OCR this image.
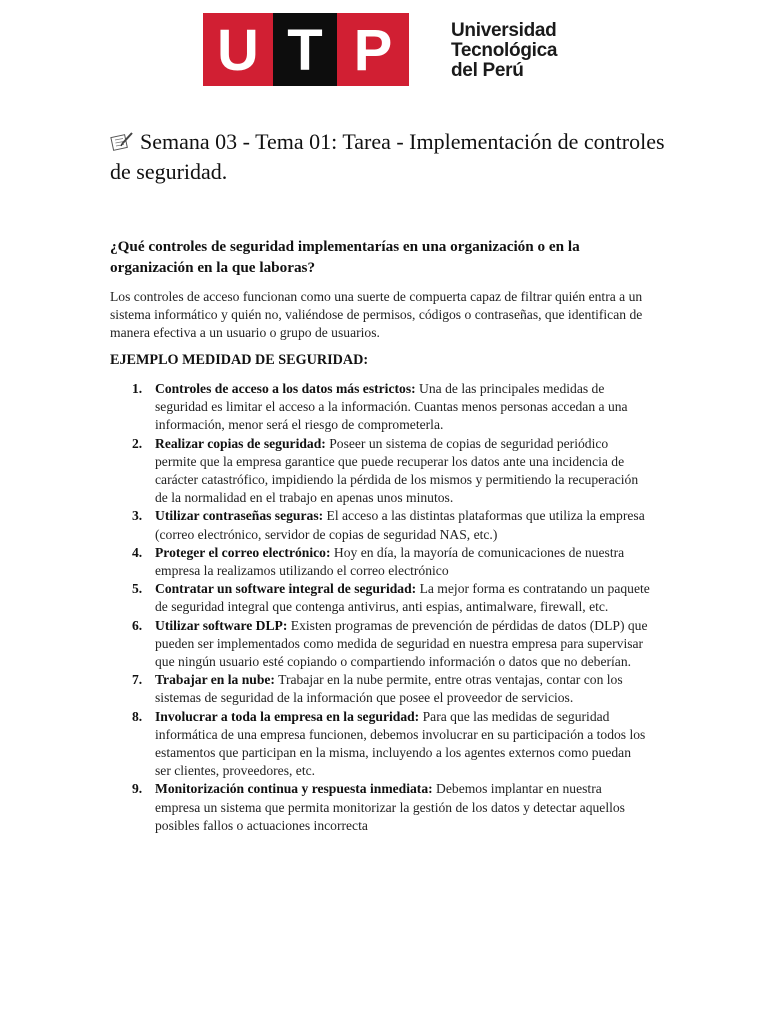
U T P	Universidad
Tecnológica
del Perú
Semana 03 - Tema 01: Tarea - Implementación de controles de seguridad.
¿Qué controles de seguridad implementarías en una organización o en la organización en la que laboras?
Los controles de acceso funcionan como una suerte de compuerta capaz de filtrar quién entra a un sistema informático y quién no, valiéndose de permisos, códigos o contraseñas, que identifican de manera efectiva a un usuario o grupo de usuarios.
EJEMPLO MEDIDAD DE SEGURIDAD:
1. Controles de acceso a los datos más estrictos: Una de las principales medidas de seguridad es limitar el acceso a la información. Cuantas menos personas accedan a una información, menor será el riesgo de comprometerla.
2. Realizar copias de seguridad: Poseer un sistema de copias de seguridad periódico permite que la empresa garantice que puede recuperar los datos ante una incidencia de carácter catastrófico, impidiendo la pérdida de los mismos y permitiendo la recuperación de la normalidad en el trabajo en apenas unos minutos.
3. Utilizar contraseñas seguras: El acceso a las distintas plataformas que utiliza la empresa (correo electrónico, servidor de copias de seguridad NAS, etc.)
4. Proteger el correo electrónico: Hoy en día, la mayoría de comunicaciones de nuestra empresa la realizamos utilizando el correo electrónico
5. Contratar un software integral de seguridad: La mejor forma es contratando un paquete de seguridad integral que contenga antivirus, anti espias, antimalware, firewall, etc.
6. Utilizar software DLP: Existen programas de prevención de pérdidas de datos (DLP) que pueden ser implementados como medida de seguridad en nuestra empresa para supervisar que ningún usuario esté copiando o compartiendo información o datos que no deberían.
7. Trabajar en la nube: Trabajar en la nube permite, entre otras ventajas, contar con los sistemas de seguridad de la información que posee el proveedor de servicios.
8. Involucrar a toda la empresa en la seguridad: Para que las medidas de seguridad informática de una empresa funcionen, debemos involucrar en su participación a todos los estamentos que participan en la misma, incluyendo a los agentes externos como puedan ser clientes, proveedores, etc.
9. Monitorización continua y respuesta inmediata: Debemos implantar en nuestra empresa un sistema que permita monitorizar la gestión de los datos y detectar aquellos posibles fallos o actuaciones incorrecta
